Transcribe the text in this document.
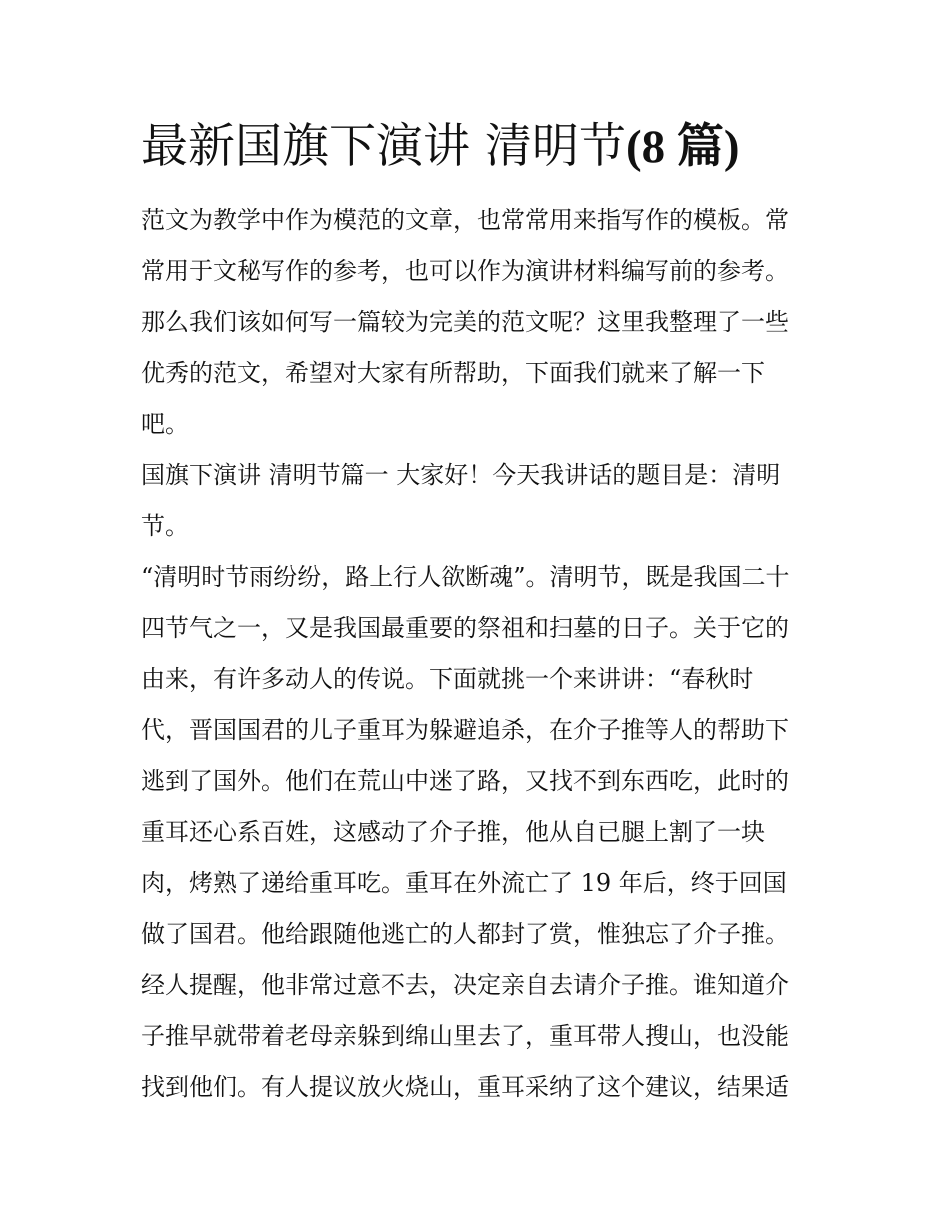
最新国旗下演讲 清明节(8 篇)

范文为教学中作为模范的文章，也常常用来指写作的模板。常

常用于文秘写作的参考，也可以作为演讲材料编写前的参考。

那么我们该如何写一篇较为完美的范文呢？这里我整理了一些

优秀的范文，希望对大家有所帮助，下面我们就来了解一下

吧。

国旗下演讲 清明节篇一 大家好！今天我讲话的题目是：清明

节。

“清明时节雨纷纷，路上行人欲断魂”。清明节，既是我国二十

四节气之一，又是我国最重要的祭祖和扫墓的日子。关于它的

由来，有许多动人的传说。下面就挑一个来讲讲：“春秋时

代，晋国国君的儿子重耳为躲避追杀，在介子推等人的帮助下

逃到了国外。他们在荒山中迷了路，又找不到东西吃，此时的

重耳还心系百姓，这感动了介子推，他从自已腿上割了一块

肉，烤熟了递给重耳吃。重耳在外流亡了 19 年后，终于回国

做了国君。他给跟随他逃亡的人都封了赏，惟独忘了介子推。

经人提醒，他非常过意不去，决定亲自去请介子推。谁知道介

子推早就带着老母亲躲到绵山里去了，重耳带人搜山，也没能

找到他们。有人提议放火烧山，重耳采纳了这个建议，结果适
